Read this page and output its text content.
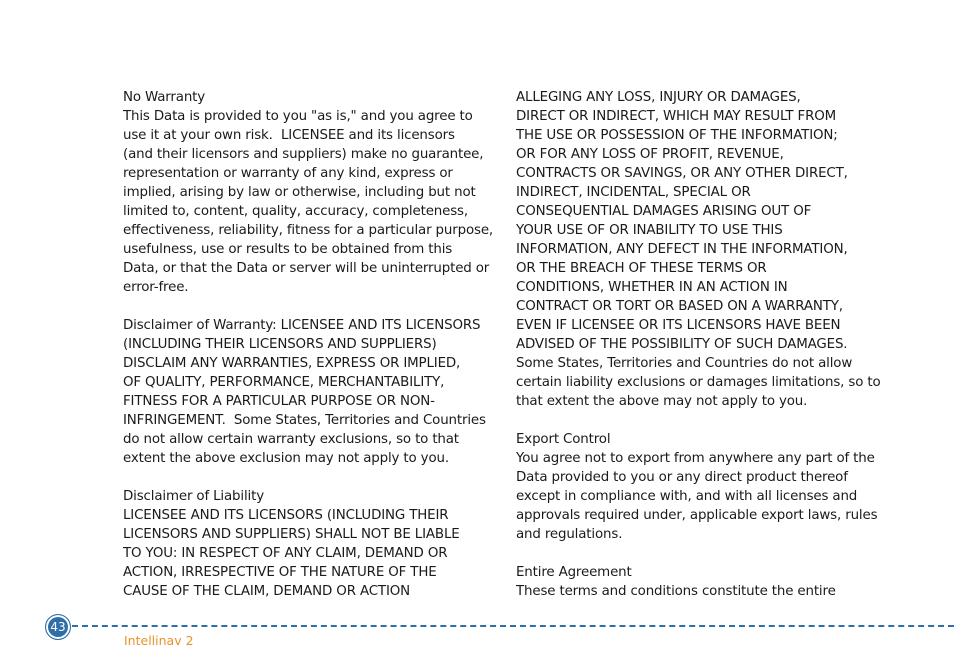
No Warranty
This Data is provided to you "as is," and you agree to
use it at your own risk.  LICENSEE and its licensors
(and their licensors and suppliers) make no guarantee,
representation or warranty of any kind, express or
implied, arising by law or otherwise, including but not
limited to, content, quality, accuracy, completeness,
effectiveness, reliability, fitness for a particular purpose,
usefulness, use or results to be obtained from this
Data, or that the Data or server will be uninterrupted or
error-free.
Disclaimer of Warranty: LICENSEE AND ITS LICENSORS
(INCLUDING THEIR LICENSORS AND SUPPLIERS)
DISCLAIM ANY WARRANTIES, EXPRESS OR IMPLIED,
OF QUALITY, PERFORMANCE, MERCHANTABILITY,
FITNESS FOR A PARTICULAR PURPOSE OR NON-
INFRINGEMENT.  Some States, Territories and Countries
do not allow certain warranty exclusions, so to that
extent the above exclusion may not apply to you.
Disclaimer of Liability
LICENSEE AND ITS LICENSORS (INCLUDING THEIR
LICENSORS AND SUPPLIERS) SHALL NOT BE LIABLE
TO YOU: IN RESPECT OF ANY CLAIM, DEMAND OR
ACTION, IRRESPECTIVE OF THE NATURE OF THE
CAUSE OF THE CLAIM, DEMAND OR ACTION
ALLEGING ANY LOSS, INJURY OR DAMAGES,
DIRECT OR INDIRECT, WHICH MAY RESULT FROM
THE USE OR POSSESSION OF THE INFORMATION;
OR FOR ANY LOSS OF PROFIT, REVENUE,
CONTRACTS OR SAVINGS, OR ANY OTHER DIRECT,
INDIRECT, INCIDENTAL, SPECIAL OR
CONSEQUENTIAL DAMAGES ARISING OUT OF
YOUR USE OF OR INABILITY TO USE THIS
INFORMATION, ANY DEFECT IN THE INFORMATION,
OR THE BREACH OF THESE TERMS OR
CONDITIONS, WHETHER IN AN ACTION IN
CONTRACT OR TORT OR BASED ON A WARRANTY,
EVEN IF LICENSEE OR ITS LICENSORS HAVE BEEN
ADVISED OF THE POSSIBILITY OF SUCH DAMAGES.
Some States, Territories and Countries do not allow
certain liability exclusions or damages limitations, so to
that extent the above may not apply to you.
Export Control
You agree not to export from anywhere any part of the
Data provided to you or any direct product thereof
except in compliance with, and with all licenses and
approvals required under, applicable export laws, rules
and regulations.
Entire Agreement
These terms and conditions constitute the entire
43
Intellinav 2
